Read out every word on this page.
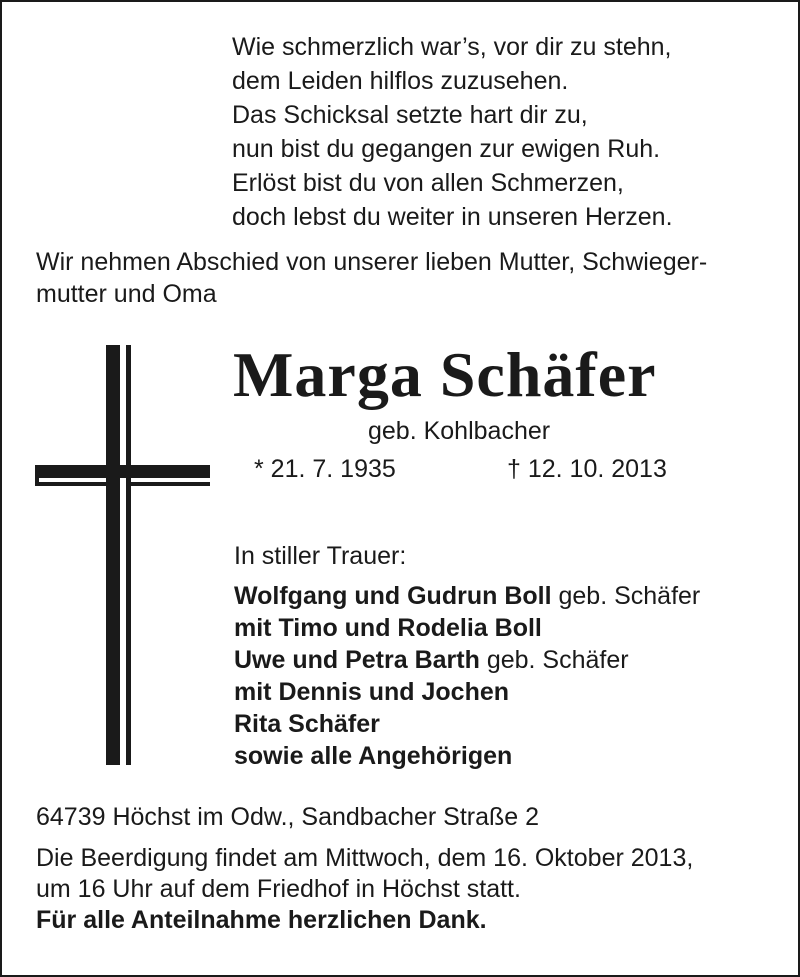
Wie schmerzlich war’s, vor dir zu stehn,
dem Leiden hilflos zuzusehen.
Das Schicksal setzte hart dir zu,
nun bist du gegangen zur ewigen Ruh.
Erlöst bist du von allen Schmerzen,
doch lebst du weiter in unseren Herzen.
Wir nehmen Abschied von unserer lieben Mutter, Schwieger-
mutter und Oma
Marga Schäfer
geb. Kohlbacher
* 21. 7. 1935	† 12. 10. 2013
In stiller Trauer:
Wolfgang und Gudrun Boll geb. Schäfer
mit Timo und Rodelia Boll
Uwe und Petra Barth geb. Schäfer
mit Dennis und Jochen
Rita Schäfer
sowie alle Angehörigen
64739 Höchst im Odw., Sandbacher Straße 2
Die Beerdigung findet am Mittwoch, dem 16. Oktober 2013,
um 16 Uhr auf dem Friedhof in Höchst statt.
Für alle Anteilnahme herzlichen Dank.
